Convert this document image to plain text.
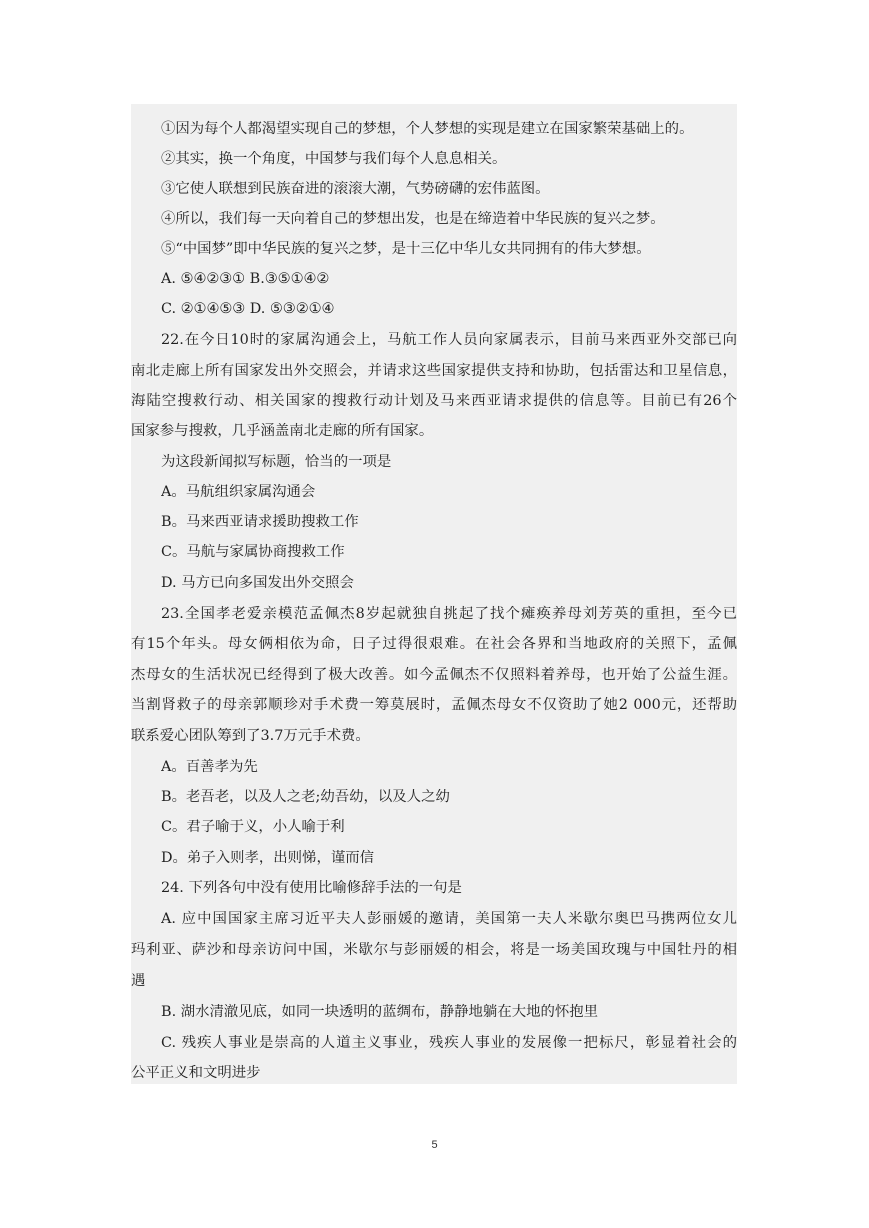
①因为每个人都渴望实现自己的梦想，个人梦想的实现是建立在国家繁荣基础上的。
②其实，换一个角度，中国梦与我们每个人息息相关。
③它使人联想到民族奋进的滚滚大潮，气势磅礴的宏伟蓝图。
④所以，我们每一天向着自己的梦想出发，也是在缔造着中华民族的复兴之梦。
⑤“中国梦”即中华民族的复兴之梦，是十三亿中华儿女共同拥有的伟大梦想。
A. ⑤④②③① B.③⑤①④②
C. ②①④⑤③ D. ⑤③②①④
22.在今日10时的家属沟通会上，马航工作人员向家属表示，目前马来西亚外交部已向
南北走廊上所有国家发出外交照会，并请求这些国家提供支持和协助，包括雷达和卫星信息，
海陆空搜救行动、相关国家的搜救行动计划及马来西亚请求提供的信息等。目前已有26个
国家参与搜救，几乎涵盖南北走廊的所有国家。
为这段新闻拟写标题，恰当的一项是
A。马航组织家属沟通会
B。马来西亚请求援助搜救工作
C。马航与家属协商搜救工作
D. 马方已向多国发出外交照会
23.全国孝老爱亲模范孟佩杰8岁起就独自挑起了找个瘫痪养母刘芳英的重担，至今已
有15个年头。母女俩相依为命，日子过得很艰难。在社会各界和当地政府的关照下，孟佩
杰母女的生活状况已经得到了极大改善。如今孟佩杰不仅照料着养母，也开始了公益生涯。
当割肾救子的母亲郭顺珍对手术费一筹莫展时，孟佩杰母女不仅资助了她2 000元，还帮助
联系爱心团队筹到了3.7万元手术费。
A。百善孝为先
B。老吾老，以及人之老;幼吾幼，以及人之幼
C。君子喻于义，小人喻于利
D。弟子入则孝，出则悌，谨而信
24. 下列各句中没有使用比喻修辞手法的一句是
A. 应中国国家主席习近平夫人彭丽媛的邀请，美国第一夫人米歇尔奥巴马携两位女儿
玛利亚、萨沙和母亲访问中国，米歇尔与彭丽媛的相会，将是一场美国玫瑰与中国牡丹的相
遇
B. 湖水清澈见底，如同一块透明的蓝绸布，静静地躺在大地的怀抱里
C. 残疾人事业是崇高的人道主义事业，残疾人事业的发展像一把标尺，彰显着社会的
公平正义和文明进步
5
